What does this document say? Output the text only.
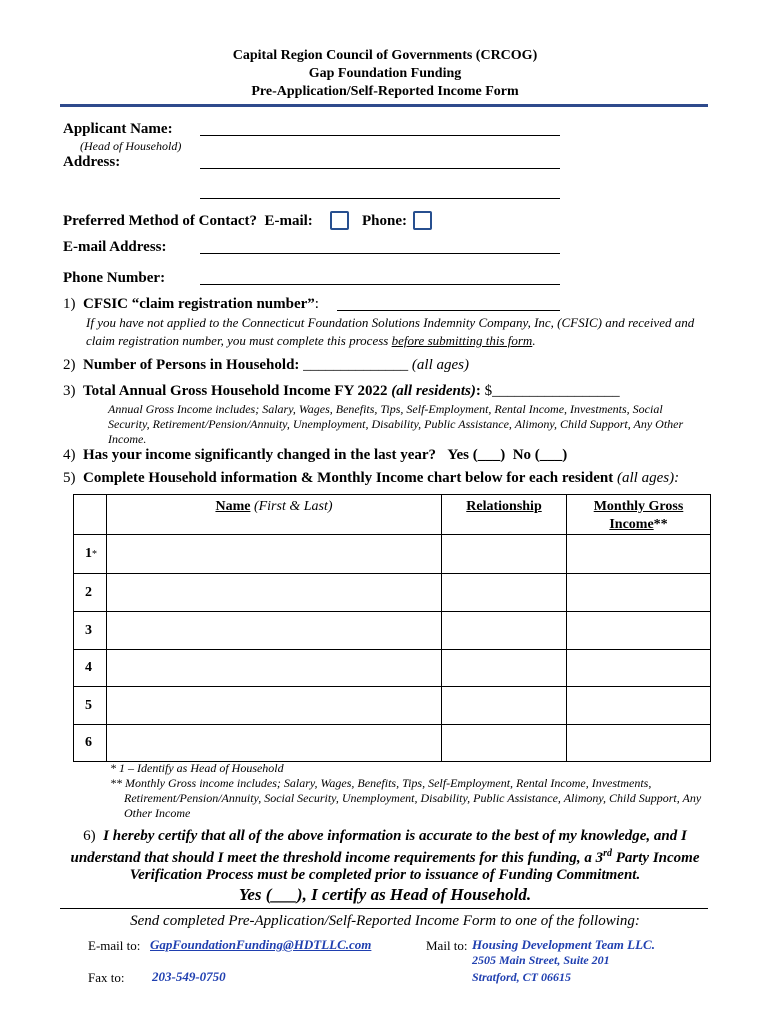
Capital Region Council of Governments (CRCOG)
Gap Foundation Funding
Pre-Application/Self-Reported Income Form
Applicant Name:
(Head of Household)
Address:
Preferred Method of Contact? E-mail:	Phone:
E-mail Address:
Phone Number:
1) CFSIC “claim registration number”:
If you have not applied to the Connecticut Foundation Solutions Indemnity Company, Inc, (CFSIC) and received and claim registration number, you must complete this process before submitting this form.
2) Number of Persons in Household: ______________ (all ages)
3) Total Annual Gross Household Income FY 2022 (all residents): $_________________
Annual Gross Income includes; Salary, Wages, Benefits, Tips, Self-Employment, Rental Income, Investments, Social Security, Retirement/Pension/Annuity, Unemployment, Disability, Public Assistance, Alimony, Child Support, Any Other Income.
4) Has your income significantly changed in the last year? Yes (___) No (___)
5) Complete Household information & Monthly Income chart below for each resident (all ages):
	Name (First & Last)	Relationship	Monthly Gross
Income**
1*			
2			
3			
4			
5			
6			
* 1 – Identify as Head of Household
** Monthly Gross income includes; Salary, Wages, Benefits, Tips, Self-Employment, Rental Income, Investments, Retirement/Pension/Annuity, Social Security, Unemployment, Disability, Public Assistance, Alimony, Child Support, Any Other Income
6) I hereby certify that all of the above information is accurate to the best of my knowledge, and I understand that should I meet the threshold income requirements for this funding, a 3rd Party Income Verification Process must be completed prior to issuance of Funding Commitment.
Yes (___), I certify as Head of Household.
Send completed Pre-Application/Self-Reported Income Form to one of the following:
E-mail to: GapFoundationFunding@HDTLLC.com
Fax to: 203-549-0750
Mail to: Housing Development Team LLC.
2505 Main Street, Suite 201
Stratford, CT 06615
